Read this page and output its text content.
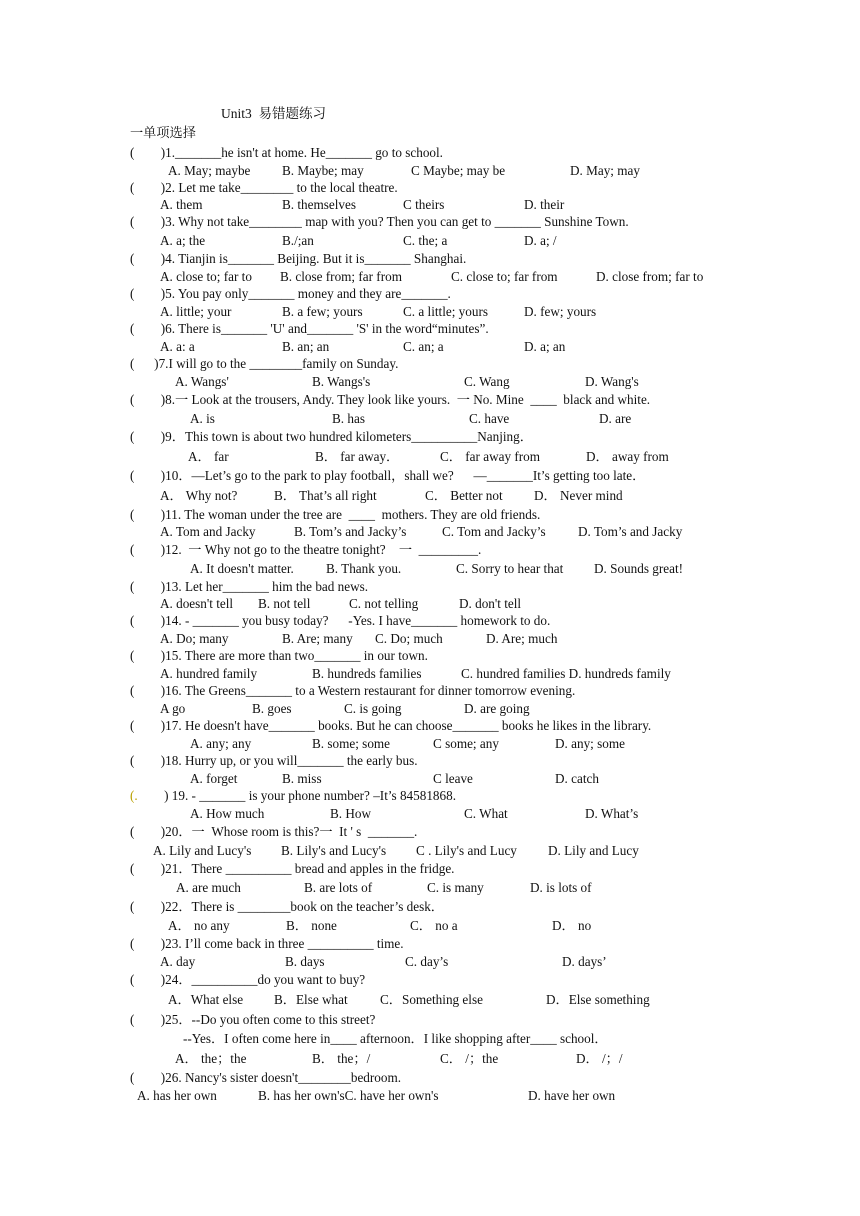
Unit3  易错题练习
一单项选择
(        )1._______he isn't at home. He_______ go to school.
A. May; maybe B. Maybe; may	C Maybe; may be	D. May; may
(        )2. Let me take________ to the local theatre.
A. them	B. themselves	C theirs	D. their
(        )3. Why not take________ map with you? Then you can get to _______ Sunshine Town.
A. a; the	B./;an	C. the; a	D. a; /
(        )4. Tianjin is_______ Beijing. But it is_______ Shanghai.
A. close to; far to B. close from; far from	C. close to; far from	D. close from; far to
(        )5. You pay only_______ money and they are_______.
A. little; your	B. a few; yours	C. a little; yours	D. few; yours
(        )6. There is_______ 'U' and_______ 'S' in the word“minutes”.
A. a: a	B. an; an	C. an; a	D. a; an
(      )7.I will go to the ________family on Sunday.
A. Wangs'	B. Wangs's	C. Wang	D. Wang's
(        )8.一 Look at the trousers, Andy. They look like yours.  一 No. Mine  ____  black and white.
A. is	B. has	C. have	D. are
(        )9．This town is about two hundred kilometers__________Nanjing．
A． far	B． far away．	C． far away from	D． away from
(        )10．—Let’s go to the park to play football，shall we?      —_______It’s getting too late．
A． Why not?	B． That’s all right	C． Better not D． Never mind
(        )11. The woman under the tree are  ____  mothers. They are old friends.
A. Tom and Jacky	B. Tom’s and Jacky’s	C. Tom and Jacky’s D. Tom’s and Jacky
(        )12.  一 Why not go to the theatre tonight?    一  _________.
A. It doesn't matter. B. Thank you.	C. Sorry to hear that D. Sounds great!
(        )13. Let her_______ him the bad news.
A. doesn't tell B. not tell	C. not telling	D. don't tell
(        )14. - _______ you busy today?      -Yes. I have_______ homework to do.
A. Do; many	B. Are; many C. Do; much	D. Are; much
(        )15. There are more than two_______ in our town.
A. hundred family	B. hundreds families	C. hundred families D. hundreds family
(        )16. The Greens_______ to a Western restaurant for dinner tomorrow evening.
A go	B. goes	C. is going	D. are going
(        )17. He doesn't have_______ books. But he can choose_______ books he likes in the library.
A. any; any	B. some; some	C some; any	D. any; some
(        )18. Hurry up, or you will_______ the early bus.
A. forget	B. miss	C leave	D. catch
(.        ) 19. - _______ is your phone number? –It’s 84581868.
A. How much	B. How	C. What	D. What’s
(        )20．一  Whose room is this?一  It ' s  _______.
A. Lily and Lucy's B. Lily's and Lucy's C . Lily's and Lucy D. Lily and Lucy
(        )21．There __________ bread and apples in the fridge.
A. are much	B. are lots of	C. is many	D. is lots of
(        )22．There is ________book on the teacher’s desk．
A． no any	B． none	C． no a	D． no
(        )23. I’ll come back in three __________ time.
A. day	B. days	C. day’s	D. days’
(        )24．__________do you want to buy?
A．What else B．Else what C．Something else	D．Else something
(        )25．--Do you often come to this street?
--Yes．I often come here in____ afternoon．I like shopping after____ school．
A． the；the	B． the；/	C． /；the	D． /；/
(        )26. Nancy's sister doesn't________bedroom.
A. has her own	B. has her own'sC. have her own's	D. have her own
